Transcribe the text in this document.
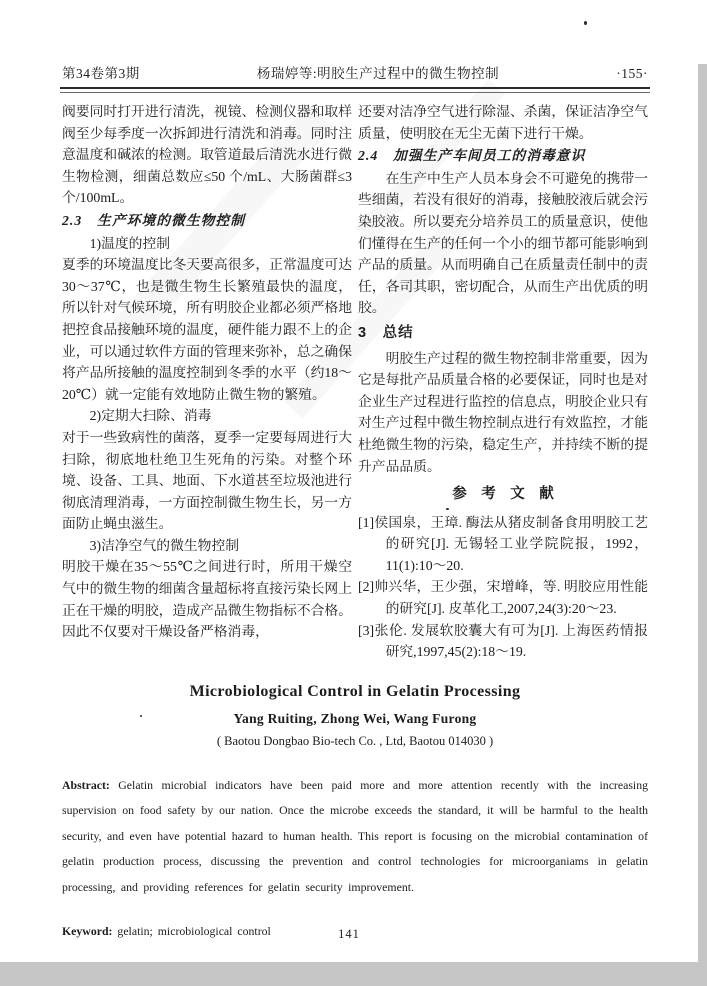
第34卷第3期	杨瑞婷等:明胶生产过程中的微生物控制	·155·

阀要同时打开进行清洗，视镜、检测仪器和取样阀至少每季度一次拆卸进行清洗和消毒。同时注意温度和碱浓的检测。取管道最后清洗水进行微生物检测，细菌总数应≤50 个/mL、大肠菌群≤3 个/100mL。

2.3　生产环境的微生物控制

1)温度的控制

夏季的环境温度比冬天要高很多，正常温度可达30～37℃，也是微生物生长繁殖最快的温度，所以针对气候环境，所有明胶企业都必须严格地把控食品接触环境的温度，硬件能力跟不上的企业，可以通过软件方面的管理来弥补，总之确保将产品所接触的温度控制到冬季的水平（约18～20℃）就一定能有效地防止微生物的繁殖。

2)定期大扫除、消毒

对于一些致病性的菌落，夏季一定要每周进行大扫除，彻底地杜绝卫生死角的污染。对整个环境、设备、工具、地面、下水道甚至垃圾池进行彻底清理消毒，一方面控制微生物生长，另一方面防止蝇虫滋生。

3)洁净空气的微生物控制

明胶干燥在35～55℃之间进行时，所用干燥空气中的微生物的细菌含量超标将直接污染长网上正在干燥的明胶，造成产品微生物指标不合格。因此不仅要对干燥设备严格消毒，

还要对洁净空气进行除湿、杀菌，保证洁净空气质量，使明胶在无尘无菌下进行干燥。

2.4　加强生产车间员工的消毒意识

在生产中生产人员本身会不可避免的携带一些细菌，若没有很好的消毒，接触胶液后就会污染胶液。所以要充分培养员工的质量意识，使他们懂得在生产的任何一个小的细节都可能影响到产品的质量。从而明确自己在质量责任制中的责任，各司其职，密切配合，从而生产出优质的明胶。

3　总结

明胶生产过程的微生物控制非常重要，因为它是每批产品质量合格的必要保证，同时也是对企业生产过程进行监控的信息点，明胶企业只有对生产过程中微生物控制点进行有效监控，才能杜绝微生物的污染，稳定生产，并持续不断的提升产品品质。

参　考　文　献

[1]侯国泉，王璋. 酶法从猪皮制备食用明胶工艺的研究[J]. 无锡轻工业学院院报，1992，11(1):10～20.

[2]帅兴华，王少强，宋增峰，等. 明胶应用性能的研究[J]. 皮革化工,2007,24(3):20～23.

[3]张伦. 发展软胶囊大有可为[J]. 上海医药情报研究,1997,45(2):18～19.

Microbiological Control in Gelatin Processing

Yang Ruiting, Zhong Wei, Wang Furong

( Baotou Dongbao Bio-tech Co. , Ltd, Baotou 014030 )

Abstract: Gelatin microbial indicators have been paid more and more attention recently with the increasing supervision on food safety by our nation. Once the microbe exceeds the standard, it will be harmful to the health security, and even have potential hazard to human health. This report is focusing on the microbial contamination of gelatin production process, discussing the prevention and control technologies for microorganiams in gelatin processing, and providing references for gelatin security improvement.

Keyword: gelatin; microbiological control	141
